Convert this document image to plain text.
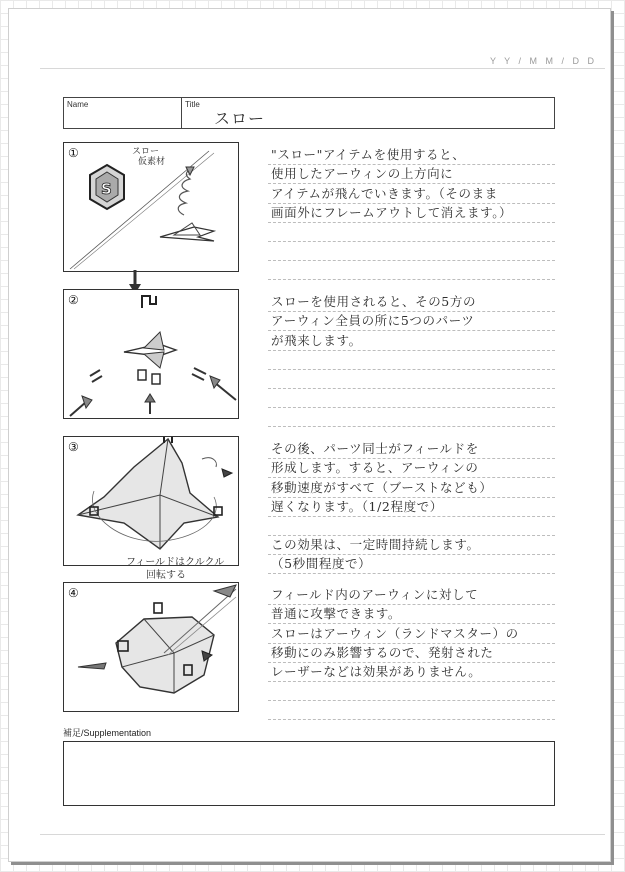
Y Y / M M / D D
Name	Title
スロー
①
S
スロー
仮素材
②
③
フィールドはクルクル
回転する
④
"スロー"アイテムを使用すると、
使用したアーウィンの上方向に
アイテムが飛んでいきます。（そのまま
画面外にフレームアウトして消えます。）
スローを使用されると、その5方の
アーウィン全員の所に5つのパーツ
が飛来します。
その後、パーツ同士がフィールドを
形成します。すると、アーウィンの
移動速度がすべて（ブーストなども）
遅くなります。（1/2程度で）
この効果は、一定時間持続します。
（5秒間程度で）
フィールド内のアーウィンに対して
普通に攻撃できます。
スローはアーウィン（ランドマスター）の
移動にのみ影響するので、発射された
レーザーなどは効果がありません。
補足/Supplementation
